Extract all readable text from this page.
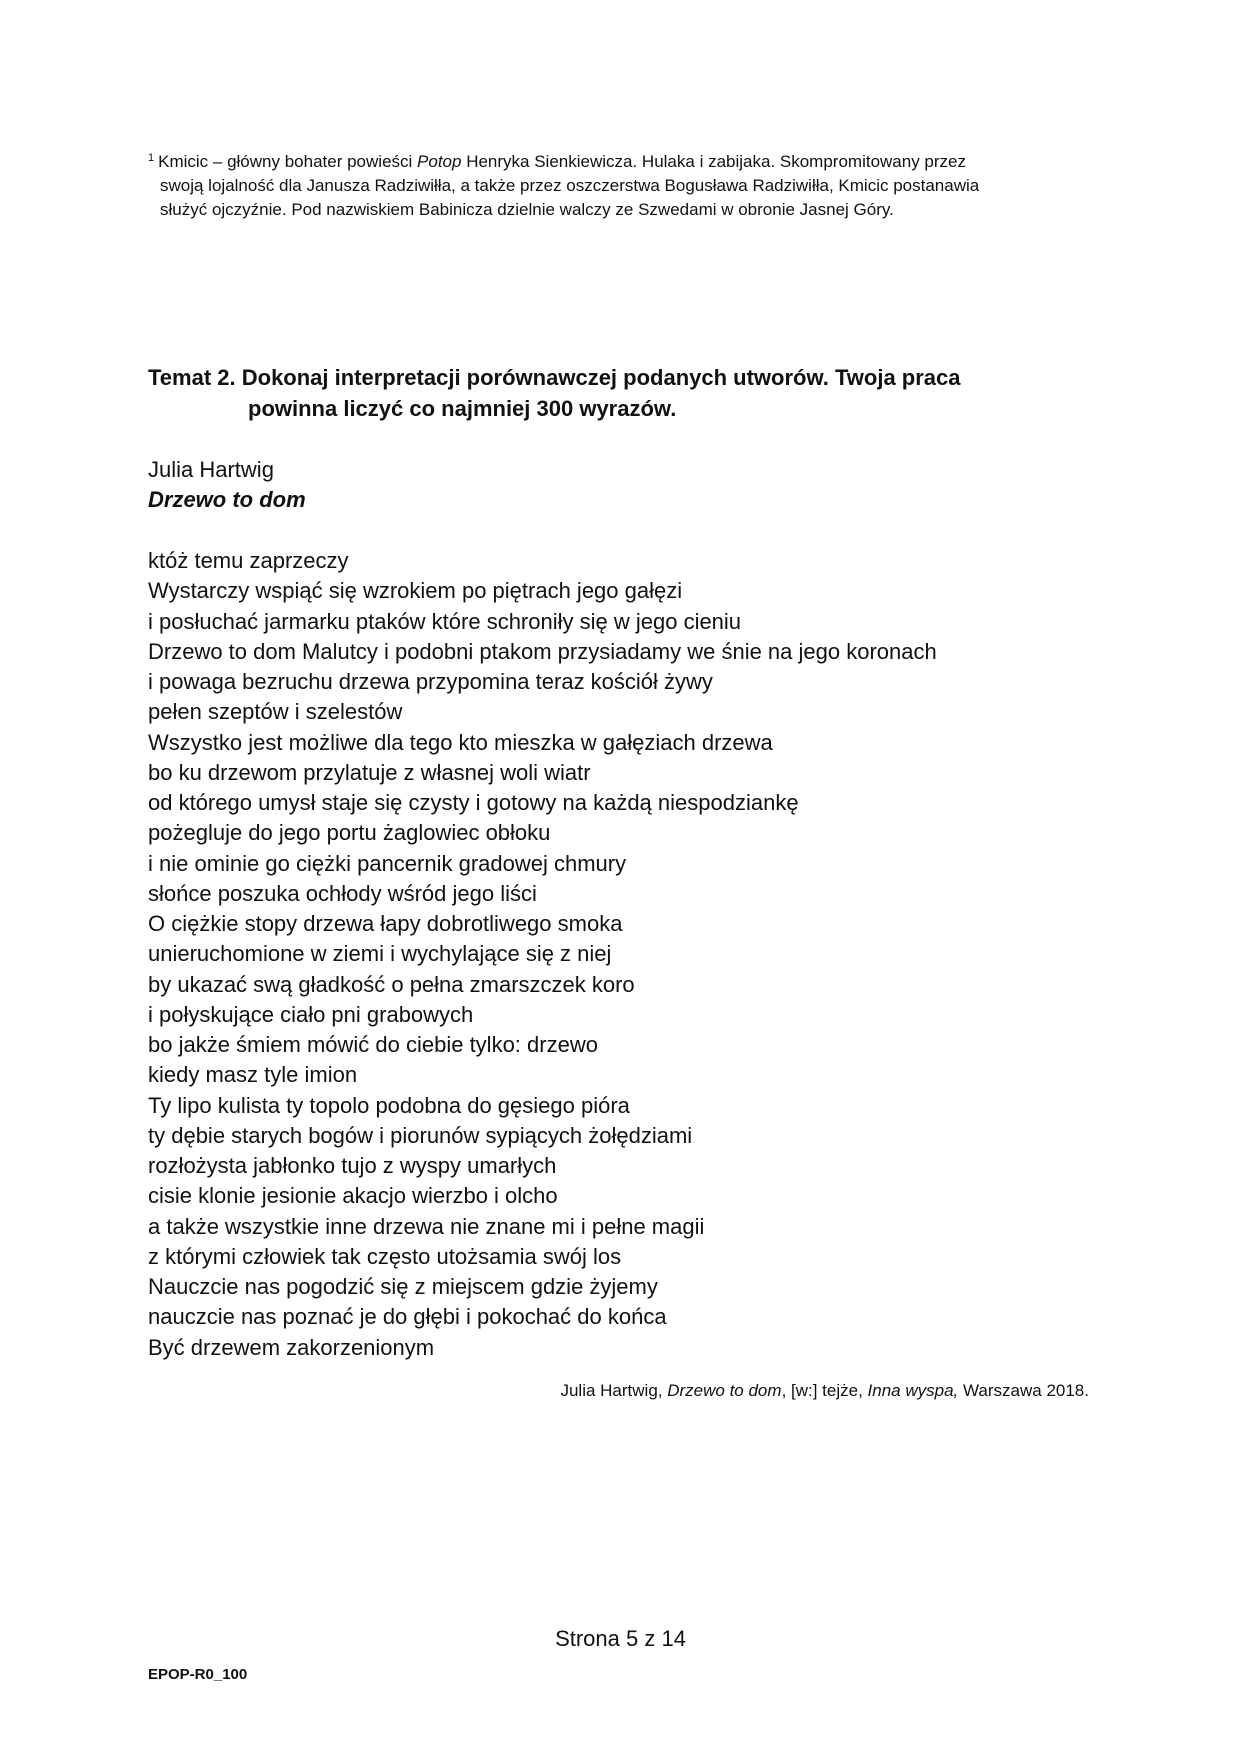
$^1$ Kmicic – główny bohater powieści Potop Henryka Sienkiewicza. Hulaka i zabijaka. Skompromitowany przez
swoją lojalność dla Janusza Radziwiłła, a także przez oszczerstwa Bogusława Radziwiłła, Kmicic postanawia
służyć ojczyźnie. Pod nazwiskiem Babinicza dzielnie walczy ze Szwedami w obronie Jasnej Góry.
Temat 2. Dokonaj interpretacji porównawczej podanych utworów. Twoja praca
powinna liczyć co najmniej 300 wyrazów.
Julia Hartwig
Drzewo to dom
któż temu zaprzeczy
Wystarczy wspiąć się wzrokiem po piętrach jego gałęzi
i posłuchać jarmarku ptaków które schroniły się w jego cieniu
Drzewo to dom Malutcy i podobni ptakom przysiadamy we śnie na jego koronach
i powaga bezruchu drzewa przypomina teraz kościół żywy
pełen szeptów i szelestów
Wszystko jest możliwe dla tego kto mieszka w gałęziach drzewa
bo ku drzewom przylatuje z własnej woli wiatr
od którego umysł staje się czysty i gotowy na każdą niespodziankę
pożegluje do jego portu żaglowiec obłoku
i nie ominie go ciężki pancernik gradowej chmury
słońce poszuka ochłody wśród jego liści
O ciężkie stopy drzewa łapy dobrotliwego smoka
unieruchomione w ziemi i wychylające się z niej
by ukazać swą gładkość o pełna zmarszczek koro
i połyskujące ciało pni grabowych
bo jakże śmiem mówić do ciebie tylko: drzewo
kiedy masz tyle imion
Ty lipo kulista ty topolo podobna do gęsiego pióra
ty dębie starych bogów i piorunów sypiących żołędziami
rozłożysta jabłonko tujo z wyspy umarłych
cisie klonie jesionie akacjo wierzbo i olcho
a także wszystkie inne drzewa nie znane mi i pełne magii
z którymi człowiek tak często utożsamia swój los
Nauczcie nas pogodzić się z miejscem gdzie żyjemy
nauczcie nas poznać je do głębi i pokochać do końca
Być drzewem zakorzenionym
Julia Hartwig, Drzewo to dom, [w:] tejże, Inna wyspa, Warszawa 2018.
Strona 5 z 14
EPOP-R0_100
